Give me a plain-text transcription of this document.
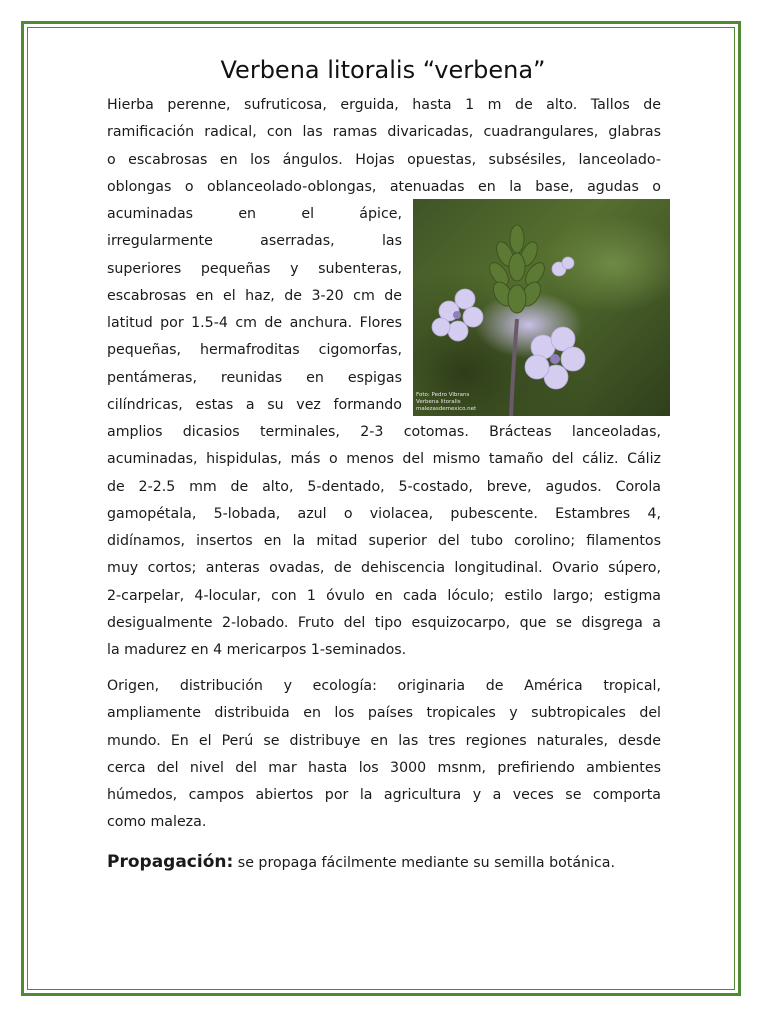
Verbena litoralis “verbena”
Hierba perenne, sufruticosa, erguida, hasta 1 m de alto. Tallos de
ramificación radical, con las ramas divaricadas, cuadrangulares, glabras
o escabrosas en los ángulos. Hojas opuestas, subsésiles, lanceolado-
oblongas o oblanceolado-oblongas, atenuadas en la base, agudas o
acuminadas en el ápice,
irregularmente aserradas, las
superiores pequeñas y subenteras,
escabrosas en el haz, de 3-20 cm de
latitud por 1.5-4 cm de anchura. Flores
pequeñas, hermafroditas cigomorfas,
pentámeras, reunidas en espigas
cilíndricas, estas a su vez formando
Foto: Pedro Vibrans
Verbena litoralis
malezasdemexico.net
amplios dicasios terminales, 2-3 cotomas. Brácteas lanceoladas,
acuminadas, hispidulas, más o menos del mismo tamaño del cáliz. Cáliz
de 2-2.5 mm de alto, 5-dentado, 5-costado, breve, agudos. Corola
gamopétala, 5-lobada, azul o violacea, pubescente. Estambres 4,
didínamos, insertos en la mitad superior del tubo corolino; filamentos
muy cortos; anteras ovadas, de dehiscencia longitudinal. Ovario súpero,
2-carpelar, 4-locular, con 1 óvulo en cada lóculo; estilo largo; estigma
desigualmente 2-lobado. Fruto del tipo esquizocarpo, que se disgrega a
la madurez en 4 mericarpos 1-seminados.
Origen, distribución y ecología: originaria de América tropical,
ampliamente distribuida en los países tropicales y subtropicales del
mundo. En el Perú se distribuye en las tres regiones naturales, desde
cerca del nivel del mar hasta los 3000 msnm, prefiriendo ambientes
húmedos, campos abiertos por la agricultura y a veces se comporta
como maleza.
Propagación: se propaga fácilmente mediante su semilla botánica.
